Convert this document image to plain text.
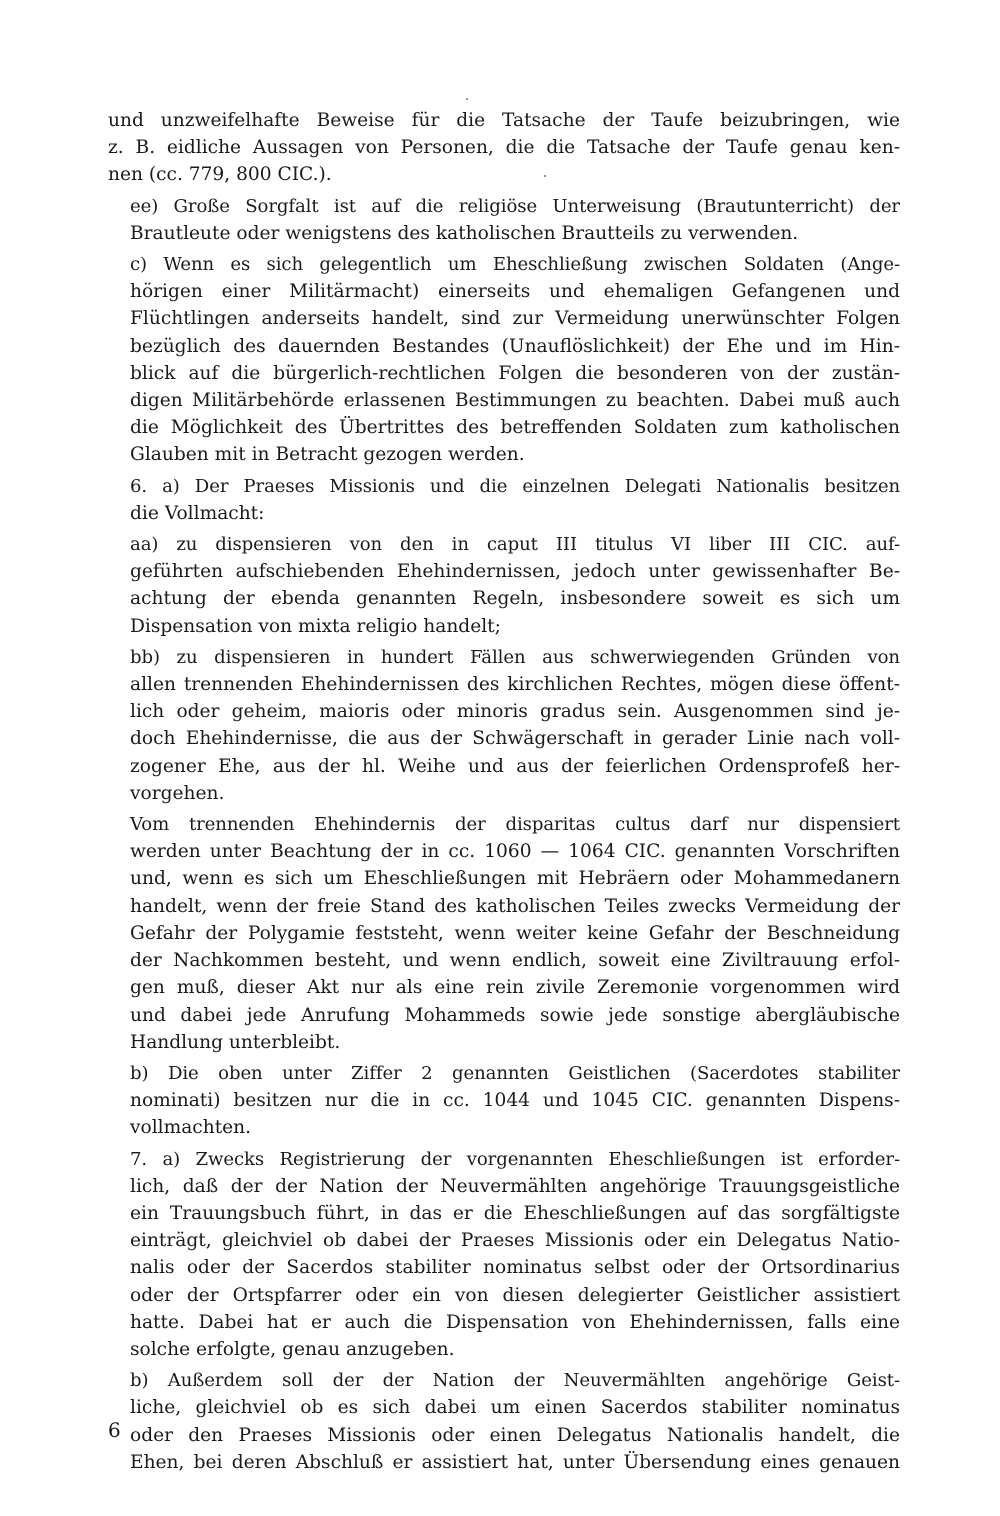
und unzweifelhafte Beweise für die Tatsache der Taufe beizubringen, wie
z. B. eidliche Aussagen von Personen, die die Tatsache der Taufe genau ken-
nen (cc. 779, 800 CIC.).

ee) Große Sorgfalt ist auf die religiöse Unterweisung (Brautunterricht) der
Brautleute oder wenigstens des katholischen Brautteils zu verwenden.

c) Wenn es sich gelegentlich um Eheschließung zwischen Soldaten (Ange-
hörigen einer Militärmacht) einerseits und ehemaligen Gefangenen und
Flüchtlingen anderseits handelt, sind zur Vermeidung unerwünschter Folgen
bezüglich des dauernden Bestandes (Unauflöslichkeit) der Ehe und im Hin-
blick auf die bürgerlich-rechtlichen Folgen die besonderen von der zustän-
digen Militärbehörde erlassenen Bestimmungen zu beachten. Dabei muß auch
die Möglichkeit des Übertrittes des betreffenden Soldaten zum katholischen
Glauben mit in Betracht gezogen werden.

6. a) Der Praeses Missionis und die einzelnen Delegati Nationalis besitzen
die Vollmacht:

aa) zu dispensieren von den in caput III titulus VI liber III CIC. auf-
geführten aufschiebenden Ehehindernissen, jedoch unter gewissenhafter Be-
achtung der ebenda genannten Regeln, insbesondere soweit es sich um
Dispensation von mixta religio handelt;

bb) zu dispensieren in hundert Fällen aus schwerwiegenden Gründen von
allen trennenden Ehehindernissen des kirchlichen Rechtes, mögen diese öffent-
lich oder geheim, maioris oder minoris gradus sein. Ausgenommen sind je-
doch Ehehindernisse, die aus der Schwägerschaft in gerader Linie nach voll-
zogener Ehe, aus der hl. Weihe und aus der feierlichen Ordensprofeß her-
vorgehen.

Vom trennenden Ehehindernis der disparitas cultus darf nur dispensiert
werden unter Beachtung der in cc. 1060 — 1064 CIC. genannten Vorschriften
und, wenn es sich um Eheschließungen mit Hebräern oder Mohammedanern
handelt, wenn der freie Stand des katholischen Teiles zwecks Vermeidung der
Gefahr der Polygamie feststeht, wenn weiter keine Gefahr der Beschneidung
der Nachkommen besteht, und wenn endlich, soweit eine Ziviltrauung erfol-
gen muß, dieser Akt nur als eine rein zivile Zeremonie vorgenommen wird
und dabei jede Anrufung Mohammeds sowie jede sonstige abergläubische
Handlung unterbleibt.

b) Die oben unter Ziffer 2 genannten Geistlichen (Sacerdotes stabiliter
nominati) besitzen nur die in cc. 1044 und 1045 CIC. genannten Dispens-
vollmachten.

7. a) Zwecks Registrierung der vorgenannten Eheschließungen ist erforder-
lich, daß der der Nation der Neuvermählten angehörige Trauungsgeistliche
ein Trauungsbuch führt, in das er die Eheschließungen auf das sorgfältigste
einträgt, gleichviel ob dabei der Praeses Missionis oder ein Delegatus Natio-
nalis oder der Sacerdos stabiliter nominatus selbst oder der Ortsordinarius
oder der Ortspfarrer oder ein von diesen delegierter Geistlicher assistiert
hatte. Dabei hat er auch die Dispensation von Ehehindernissen, falls eine
solche erfolgte, genau anzugeben.

b) Außerdem soll der der Nation der Neuvermählten angehörige Geist-
liche, gleichviel ob es sich dabei um einen Sacerdos stabiliter nominatus
oder den Praeses Missionis oder einen Delegatus Nationalis handelt, die
Ehen, bei deren Abschluß er assistiert hat, unter Übersendung eines genauen

6
